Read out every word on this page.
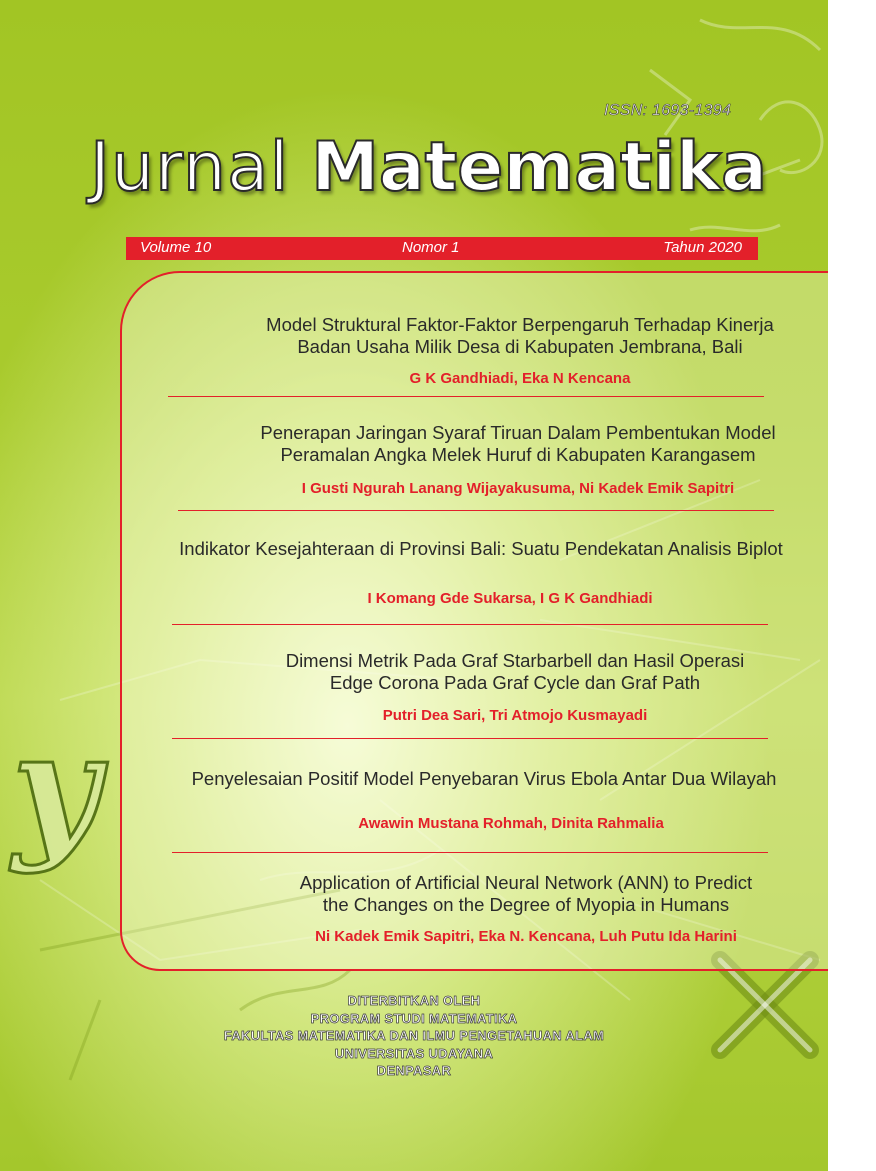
y
ISSN: 1693-1394
Jurnal Matematika
Volume 10	Nomor 1	Tahun 2020
Model Struktural Faktor-Faktor Berpengaruh Terhadap Kinerja
Badan Usaha Milik Desa di Kabupaten Jembrana, Bali
G K Gandhiadi, Eka N Kencana
Penerapan Jaringan Syaraf Tiruan Dalam Pembentukan Model
Peramalan Angka Melek Huruf di Kabupaten Karangasem
I Gusti Ngurah Lanang Wijayakusuma, Ni Kadek Emik Sapitri
Indikator Kesejahteraan di Provinsi Bali: Suatu Pendekatan Analisis Biplot
I Komang Gde Sukarsa, I G K Gandhiadi
Dimensi Metrik Pada Graf Starbarbell dan Hasil Operasi
Edge Corona Pada Graf Cycle dan Graf Path
Putri Dea Sari, Tri Atmojo Kusmayadi
Penyelesaian Positif Model Penyebaran Virus Ebola Antar Dua Wilayah
Awawin Mustana Rohmah, Dinita Rahmalia
Application of Artificial Neural Network (ANN) to Predict
the Changes on the Degree of Myopia in Humans
Ni Kadek Emik Sapitri, Eka N. Kencana, Luh Putu Ida Harini
DITERBITKAN OLEH
PROGRAM STUDI MATEMATIKA
FAKULTAS MATEMATIKA DAN ILMU PENGETAHUAN ALAM
UNIVERSITAS UDAYANA
DENPASAR
